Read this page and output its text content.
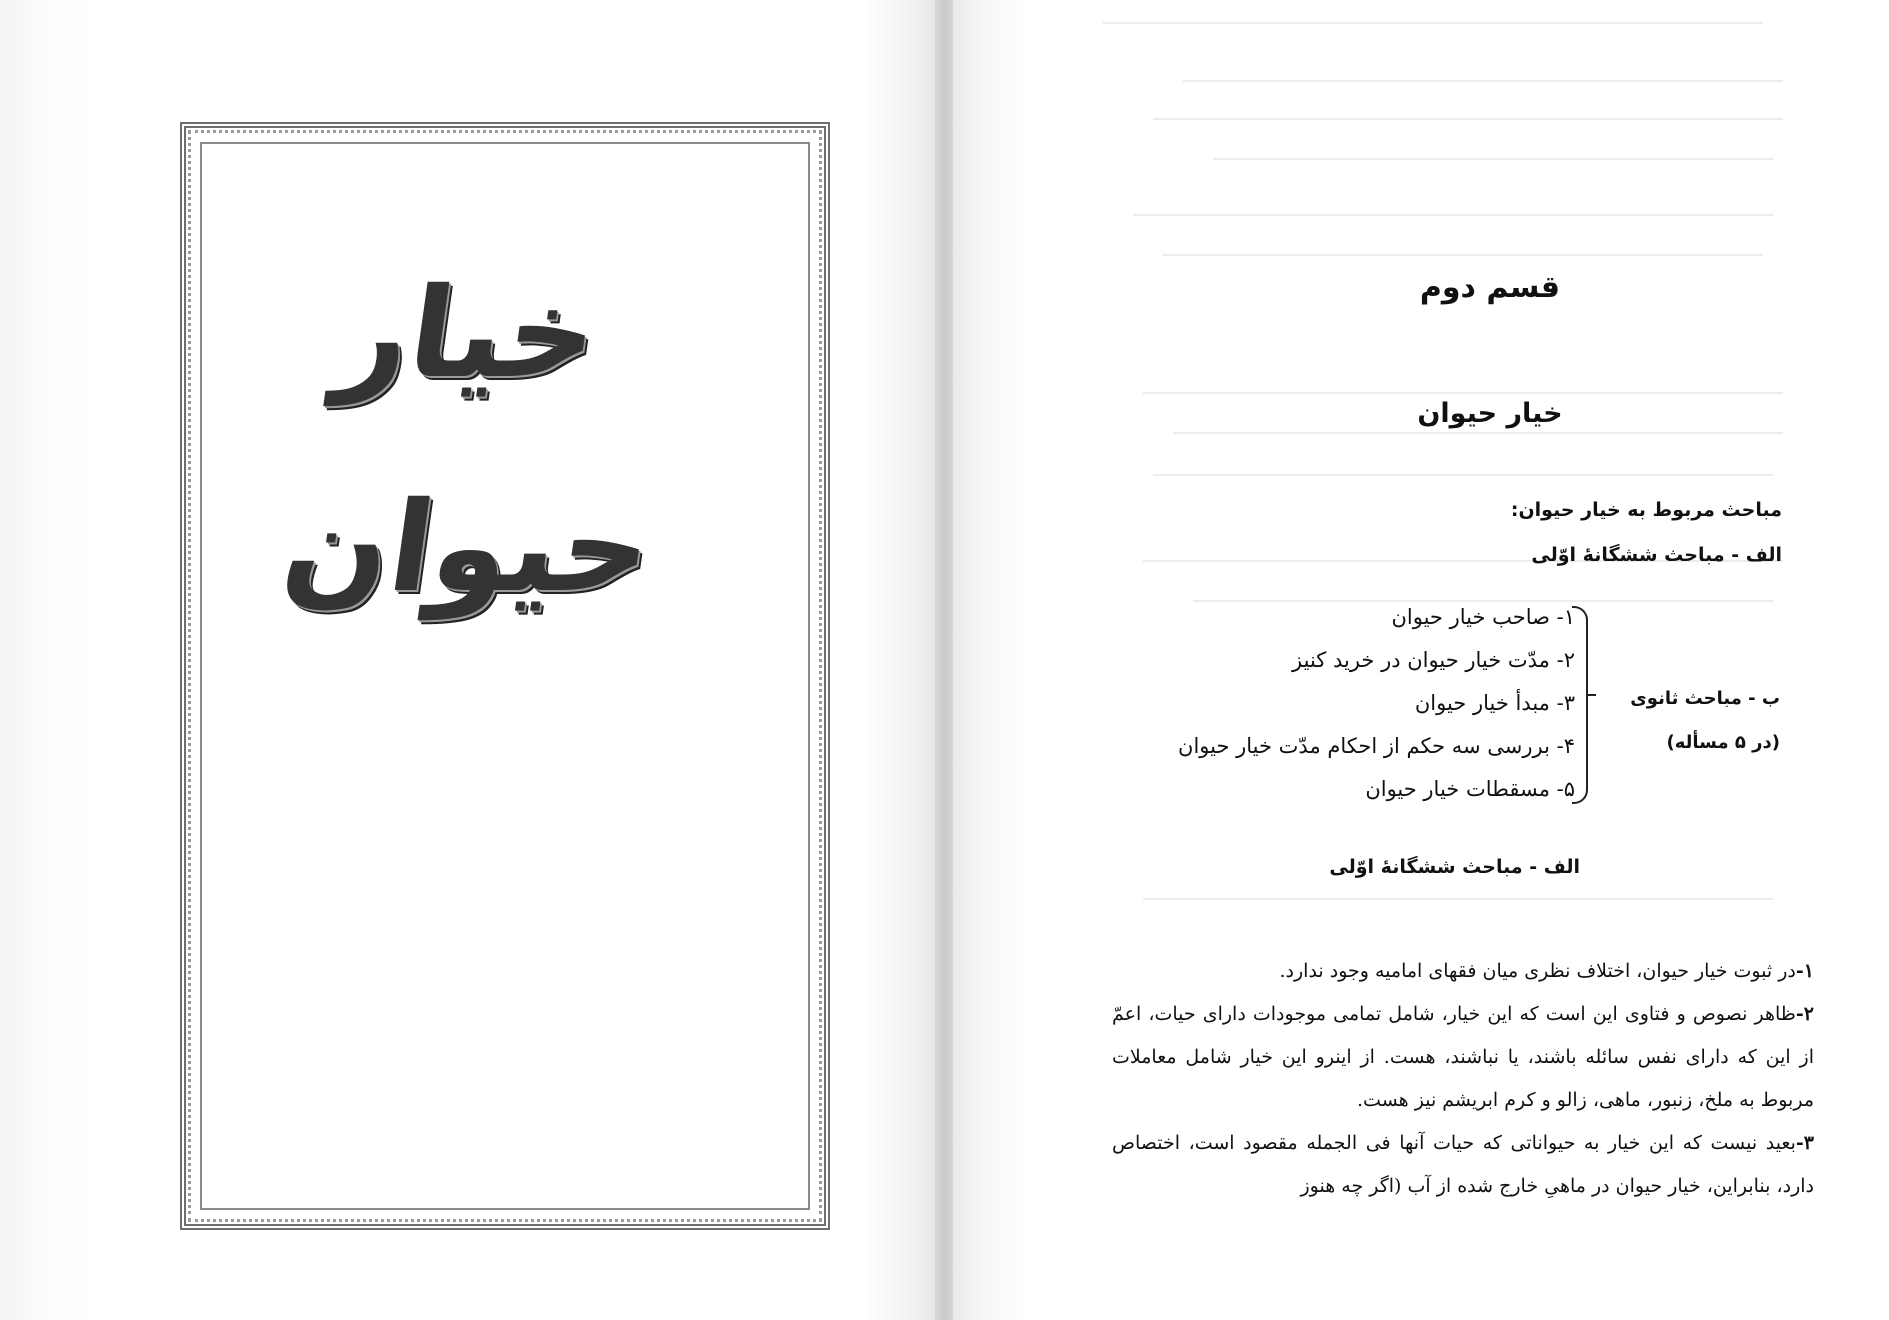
خیار
حیوان
قسم دوم
خیار حیوان
مباحث مربوط به خیار حیوان:
الف - مباحث ششگانهٔ اوّلی
۱- صاحب خیار حیوان
۲- مدّت خیار حیوان در خرید کنیز
۳- مبدأ خیار حیوان
۴- بررسی سه حکم از احکام مدّت خیار حیوان
۵- مسقطات خیار حیوان
ب - مباحث ثانوی
(در ۵ مسأله)
الف - مباحث ششگانهٔ اوّلی

۱-در ثبوت خیار حیوان، اختلاف نظری میان فقهای امامیه وجود ندارد.

۲-ظاهر نصوص و فتاوی این است که این خیار، شامل تمامی موجودات دارای حیات، اعمّ از این که دارای نفس سائله باشند، یا نباشند، هست. از اینرو این خیار شامل معاملات مربوط به ملخ، زنبور، ماهی، زالو و کرم ابریشم نیز هست.

۳-بعید نیست که این خیار به حیواناتی که حیات آنها فی الجمله مقصود است، اختصاص دارد، بنابراین، خیار حیوان در ماهیِ خارج شده از آب (اگر چه هنوز
